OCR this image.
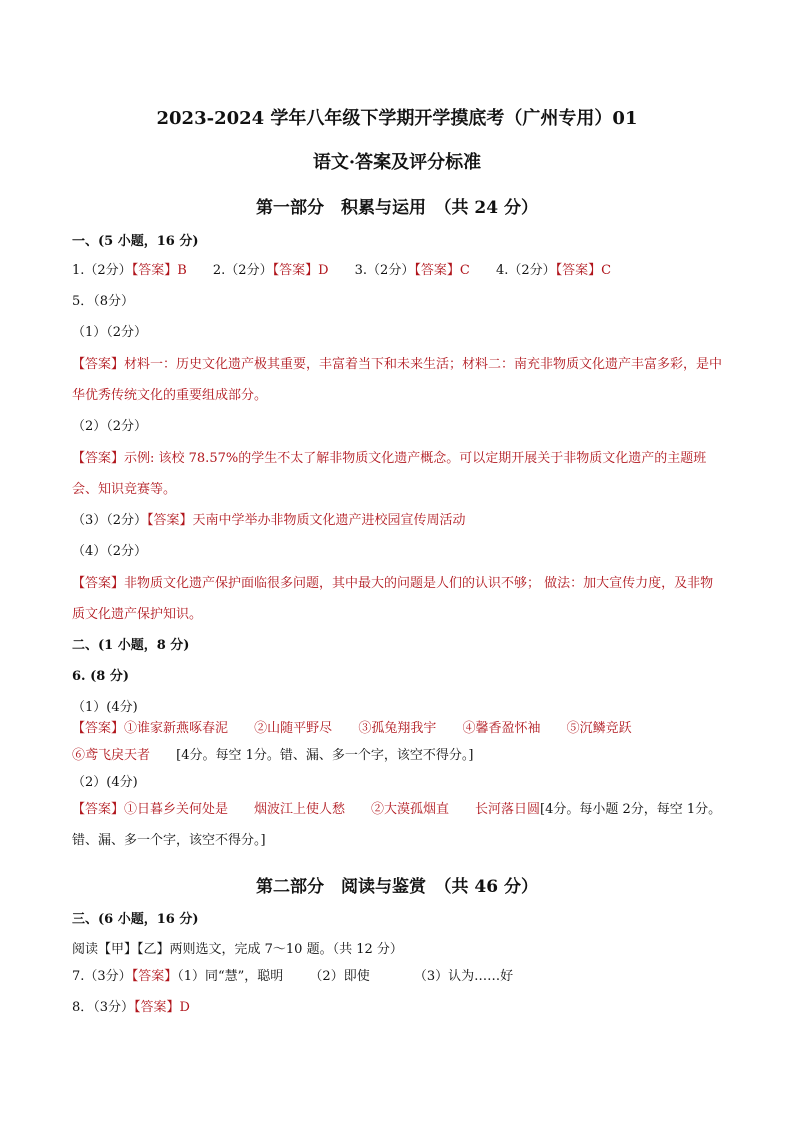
2023-2024 学年八年级下学期开学摸底考（广州专用）01
语文·答案及评分标准
第一部分　积累与运用　（共 24 分）
一、(5 小题，16 分)
1.（2分）【答案】B 2.（2分）【答案】D 3.（2分）【答案】C 4.（2分）【答案】C
5．（8分）
（1）（2分）
【答案】材料一：历史文化遗产极其重要，丰富着当下和未来生活；材料二：南充非物质文化遗产丰富多彩，是中华优秀传统文化的重要组成部分。
（2）（2分）
【答案】示例: 该校 78.57%的学生不太了解非物质文化遗产概念。可以定期开展关于非物质文化遗产的主题班会、知识竞赛等。
（3）（2分）【答案】天南中学举办非物质文化遗产进校园宣传周活动
（4）（2分）
【答案】非物质文化遗产保护面临很多问题，其中最大的问题是人们的认识不够； 做法：加大宣传力度，及非物质文化遗产保护知识。
二、(1 小题，8 分)
6. (8 分)
（1）(4分)
【答案】①谁家新燕啄春泥 ②山随平野尽 ③孤兔翔我宇 ④馨香盈怀袖 ⑤沉鳞竞跃
⑥鸢飞戾天者 [4分。每空 1分。错、漏、多一个字，该空不得分。]
（2）(4分)
【答案】①日暮乡关何处是　　烟波江上使人愁　　②大漠孤烟直　　长河落日圆[4分。每小题 2分，每空 1分。错、漏、多一个字，该空不得分。]
第二部分　阅读与鉴赏　（共 46 分）
三、(6 小题，16 分)
阅读【甲】【乙】两则选文，完成 7～10 题。（共 12 分）
7.（3分）【答案】（1）同“慧”，聪明 （2）即使	（3）认为……好
8．（3分）【答案】D
